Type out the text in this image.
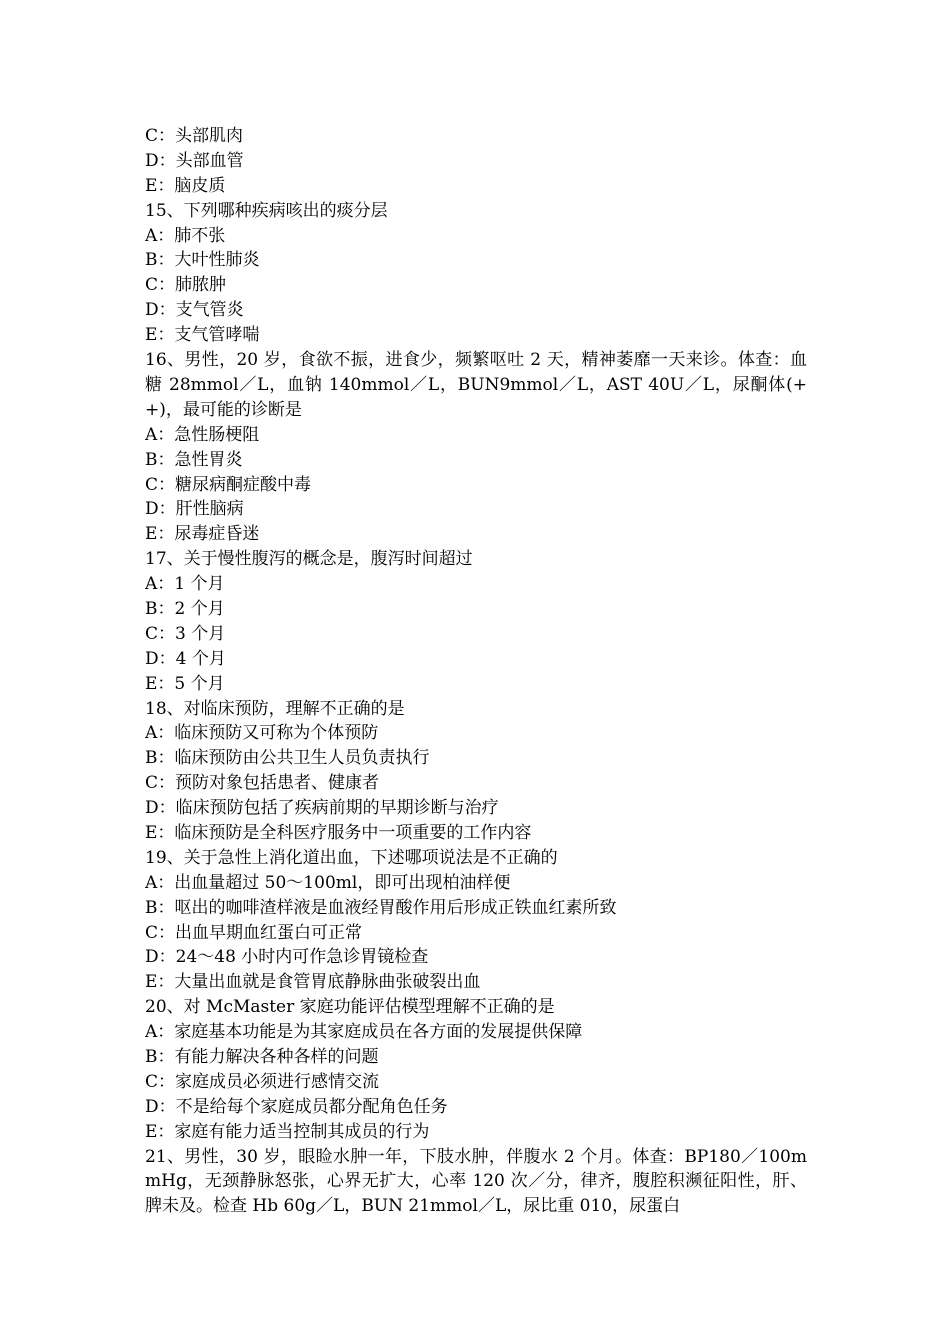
C：头部肌肉
D：头部血管
E：脑皮质
15、下列哪种疾病咳出的痰分层
A：肺不张
B：大叶性肺炎
C：肺脓肿
D：支气管炎
E：支气管哮喘
16、男性，20 岁，食欲不振，进食少，频繁呕吐 2 天，精神萎靡一天来诊。体查：血糖 28mmol／L，血钠 140mmol／L，BUN9mmol／L，AST 40U／L，尿酮体(++)，最可能的诊断是
A：急性肠梗阻
B：急性胃炎
C：糖尿病酮症酸中毒
D：肝性脑病
E：尿毒症昏迷
17、关于慢性腹泻的概念是，腹泻时间超过
A：1 个月
B：2 个月
C：3 个月
D：4 个月
E：5 个月
18、对临床预防，理解不正确的是
A：临床预防又可称为个体预防
B：临床预防由公共卫生人员负责执行
C：预防对象包括患者、健康者
D：临床预防包括了疾病前期的早期诊断与治疗
E：临床预防是全科医疗服务中一项重要的工作内容
19、关于急性上消化道出血，下述哪项说法是不正确的
A：出血量超过 50～100ml，即可出现柏油样便
B：呕出的咖啡渣样液是血液经胃酸作用后形成正铁血红素所致
C：出血早期血红蛋白可正常
D：24～48 小时内可作急诊胃镜检查
E：大量出血就是食管胃底静脉曲张破裂出血
20、对 McMaster 家庭功能评估模型理解不正确的是
A：家庭基本功能是为其家庭成员在各方面的发展提供保障
B：有能力解决各种各样的问题
C：家庭成员必须进行感情交流
D：不是给每个家庭成员都分配角色任务
E：家庭有能力适当控制其成员的行为
21、男性，30 岁，眼睑水肿一年，下肢水肿，伴腹水 2 个月。体查：BP180／100mmHg，无颈静脉怒张，心界无扩大，心率 120 次／分，律齐，腹腔积濒征阳性，肝、脾未及。检查 Hb 60g／L，BUN 21mmol／L，尿比重 010，尿蛋白
